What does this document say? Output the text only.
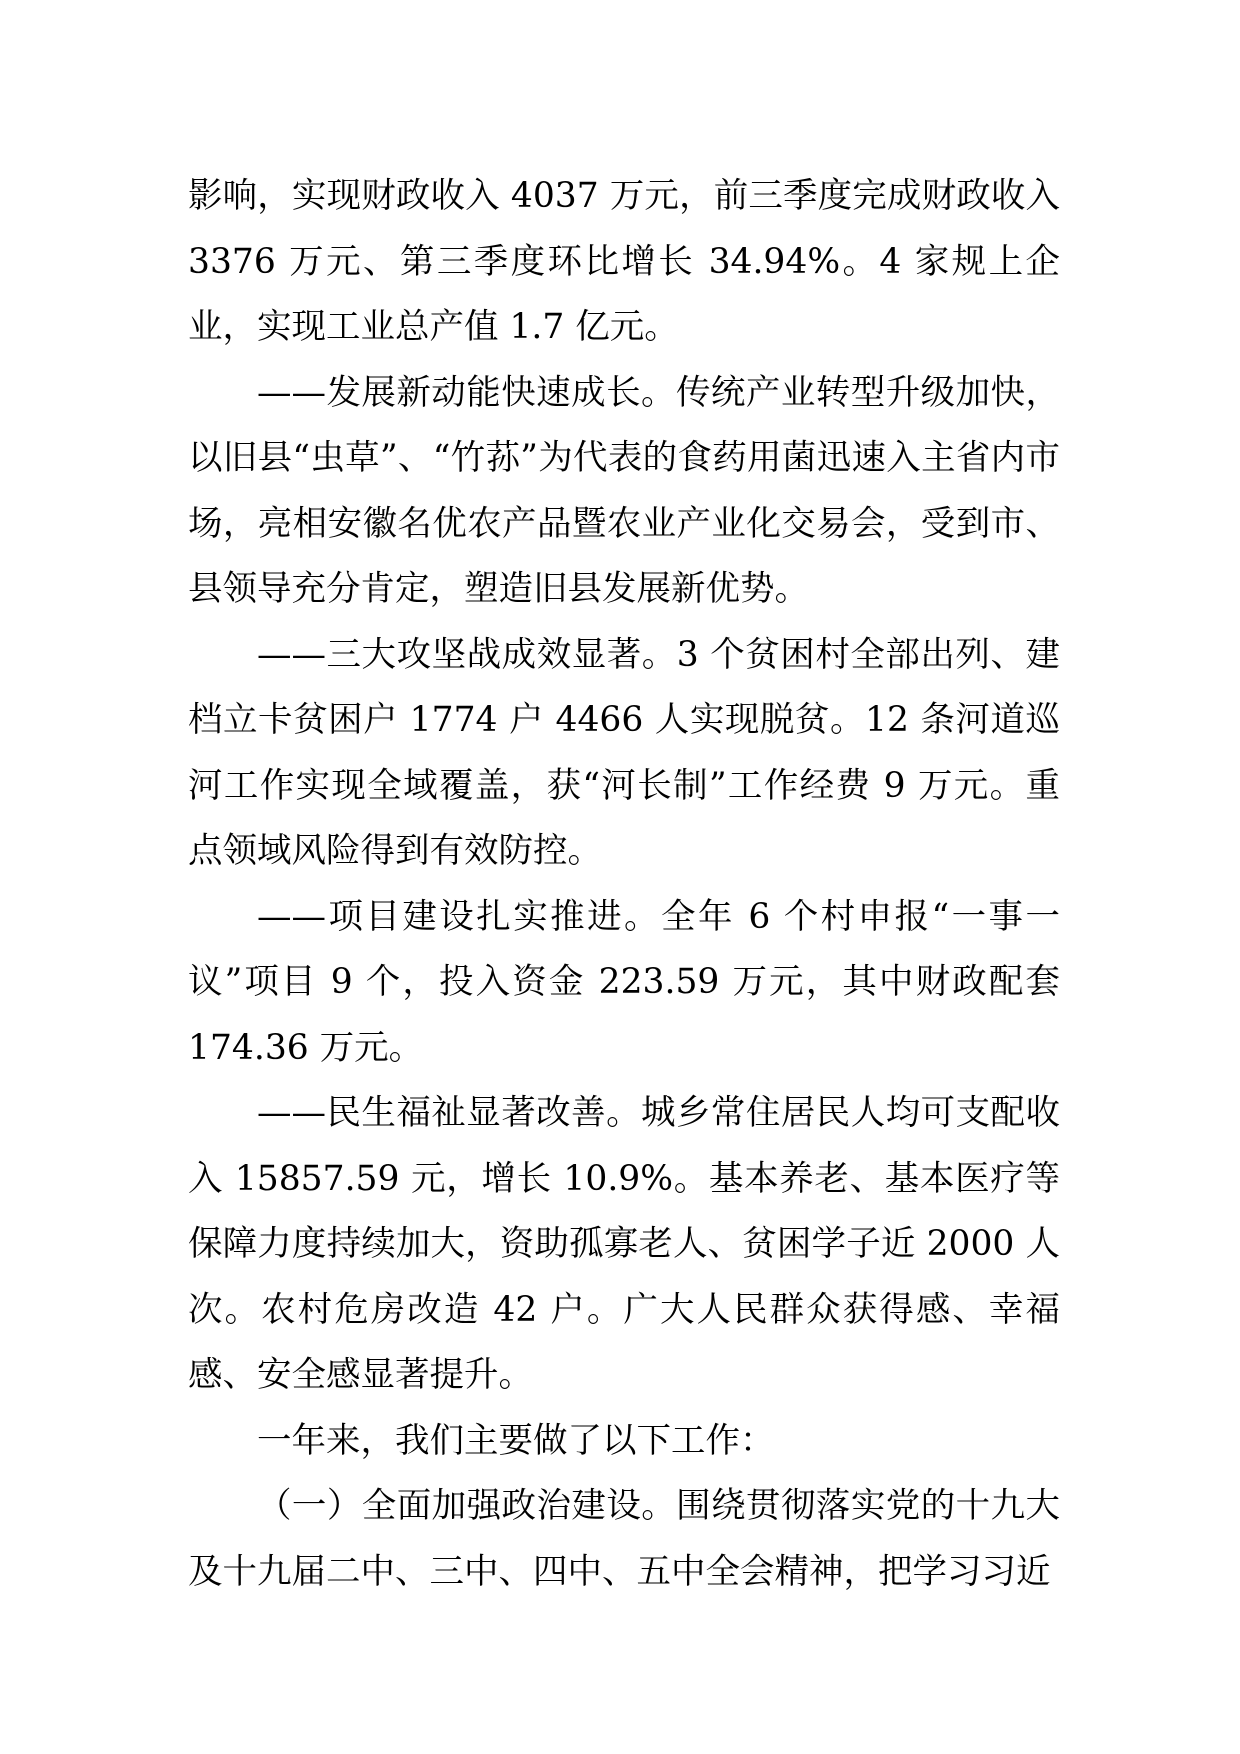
影响，实现财政收入 4037 万元，前三季度完成财政收入 3376 万元、第三季度环比增长 34.94%。4 家规上企业，实现工业总产值 1.7 亿元。

——发展新动能快速成长。传统产业转型升级加快，以旧县“虫草”、“竹荪”为代表的食药用菌迅速入主省内市场，亮相安徽名优农产品暨农业产业化交易会，受到市、县领导充分肯定，塑造旧县发展新优势。

——三大攻坚战成效显著。3 个贫困村全部出列、建档立卡贫困户 1774 户 4466 人实现脱贫。12 条河道巡河工作实现全域覆盖，获“河长制”工作经费 9 万元。重点领域风险得到有效防控。

——项目建设扎实推进。全年 6 个村申报“一事一议”项目 9 个，投入资金 223.59 万元，其中财政配套 174.36 万元。

——民生福祉显著改善。城乡常住居民人均可支配收入 15857.59 元，增长 10.9%。基本养老、基本医疗等保障力度持续加大，资助孤寡老人、贫困学子近 2000 人次。农村危房改造 42 户。广大人民群众获得感、幸福感、安全感显著提升。

一年来，我们主要做了以下工作：

（一）全面加强政治建设。围绕贯彻落实党的十九大及十九届二中、三中、四中、五中全会精神，把学习习近
